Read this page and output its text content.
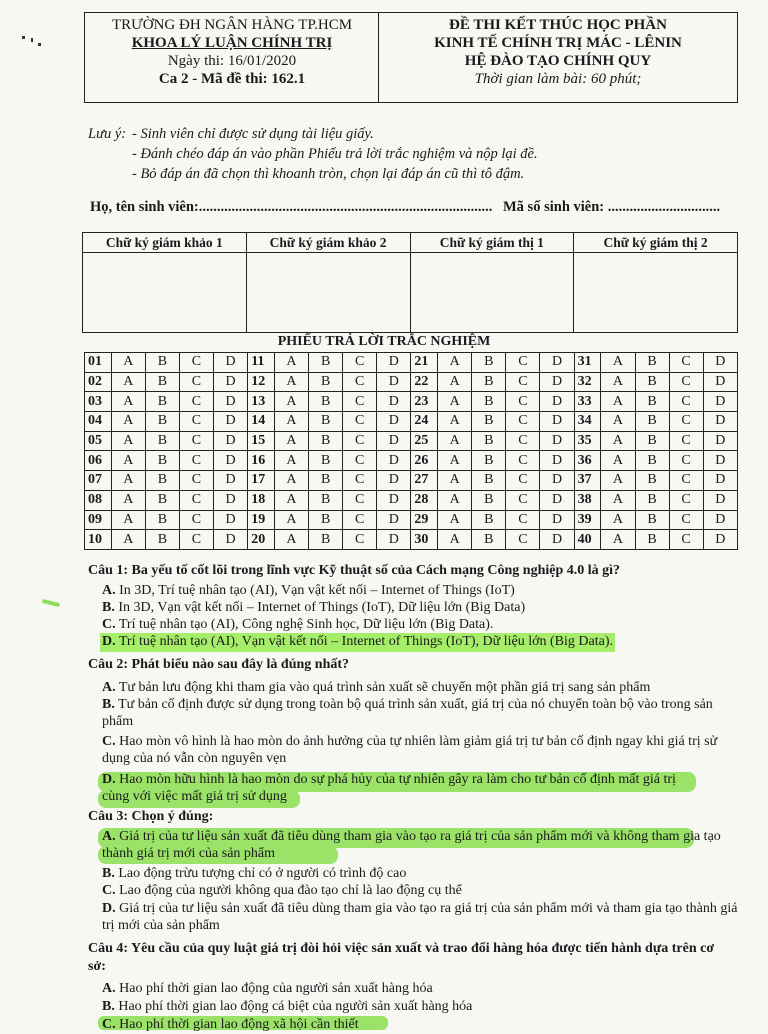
TRƯỜNG ĐH NGÂN HÀNG TP.HCM
KHOA LÝ LUẬN CHÍNH TRỊ
Ngày thi: 16/01/2020
Ca 2 - Mã đề thi: 162.1
ĐỀ THI KẾT THÚC HỌC PHẦN
KINH TẾ CHÍNH TRỊ MÁC - LÊNIN
HỆ ĐÀO TẠO CHÍNH QUY
Thời gian làm bài: 60 phút;
Lưu ý: - Sinh viên chỉ được sử dụng tài liệu giấy.
- Đánh chéo đáp án vào phần Phiếu trả lời trắc nghiệm và nộp lại đề.
- Bỏ đáp án đã chọn thì khoanh tròn, chọn lại đáp án cũ thì tô đậm.
Họ, tên sinh viên:................................................................................. Mã số sinh viên: ...............................
Chữ ký giám khảo 1	Chữ ký giám khảo 2	Chữ ký giám thị 1	Chữ ký giám thị 2

PHIẾU TRẢ LỜI TRẮC NGHIỆM
01	A	B	C	D	11	A	B	C	D	21	A	B	C	D	31	A	B	C	D
02	A	B	C	D	12	A	B	C	D	22	A	B	C	D	32	A	B	C	D
03	A	B	C	D	13	A	B	C	D	23	A	B	C	D	33	A	B	C	D
04	A	B	C	D	14	A	B	C	D	24	A	B	C	D	34	A	B	C	D
05	A	B	C	D	15	A	B	C	D	25	A	B	C	D	35	A	B	C	D
06	A	B	C	D	16	A	B	C	D	26	A	B	C	D	36	A	B	C	D
07	A	B	C	D	17	A	B	C	D	27	A	B	C	D	37	A	B	C	D
08	A	B	C	D	18	A	B	C	D	28	A	B	C	D	38	A	B	C	D
09	A	B	C	D	19	A	B	C	D	29	A	B	C	D	39	A	B	C	D
10	A	B	C	D	20	A	B	C	D	30	A	B	C	D	40	A	B	C	D
Câu 1: Ba yếu tố cốt lõi trong lĩnh vực Kỹ thuật số của Cách mạng Công nghiệp 4.0 là gì?
A. In 3D, Trí tuệ nhân tạo (AI), Vạn vật kết nối – Internet of Things (IoT)
B. In 3D, Vạn vật kết nối – Internet of Things (IoT), Dữ liệu lớn (Big Data)
C. Trí tuệ nhân tạo (AI), Công nghệ Sinh học, Dữ liệu lớn (Big Data).
D. Trí tuệ nhân tạo (AI), Vạn vật kết nối – Internet of Things (IoT), Dữ liệu lớn (Big Data).
Câu 2: Phát biểu nào sau đây là đúng nhất?
A. Tư bản lưu động khi tham gia vào quá trình sản xuất sẽ chuyển một phần giá trị sang sản phẩm
B. Tư bản cố định được sử dụng trong toàn bộ quá trình sản xuất, giá trị của nó chuyển toàn bộ vào trong sản phẩm
C. Hao mòn vô hình là hao mòn do ảnh hưởng của tự nhiên làm giảm giá trị tư bản cố định ngay khi giá trị sử dụng của nó vẫn còn nguyên vẹn
D. Hao mòn hữu hình là hao mòn do sự phá hủy của tự nhiên gây ra làm cho tư bản cố định mất giá trị cùng với việc mất giá trị sử dụng
Câu 3: Chọn ý đúng:
A. Giá trị của tư liệu sản xuất đã tiêu dùng tham gia vào tạo ra giá trị của sản phẩm mới và không tham gia tạo thành giá trị mới của sản phẩm
B. Lao động trừu tượng chỉ có ở người có trình độ cao
C. Lao động của người không qua đào tạo chỉ là lao động cụ thể
D. Giá trị của tư liệu sản xuất đã tiêu dùng tham gia vào tạo ra giá trị của sản phẩm mới và tham gia tạo thành giá trị mới của sản phẩm
Câu 4: Yêu cầu của quy luật giá trị đòi hỏi việc sản xuất và trao đổi hàng hóa được tiến hành dựa trên cơ sở:
A. Hao phí thời gian lao động của người sản xuất hàng hóa
B. Hao phí thời gian lao động cá biệt của người sản xuất hàng hóa
C. Hao phí thời gian lao động xã hội cần thiết
